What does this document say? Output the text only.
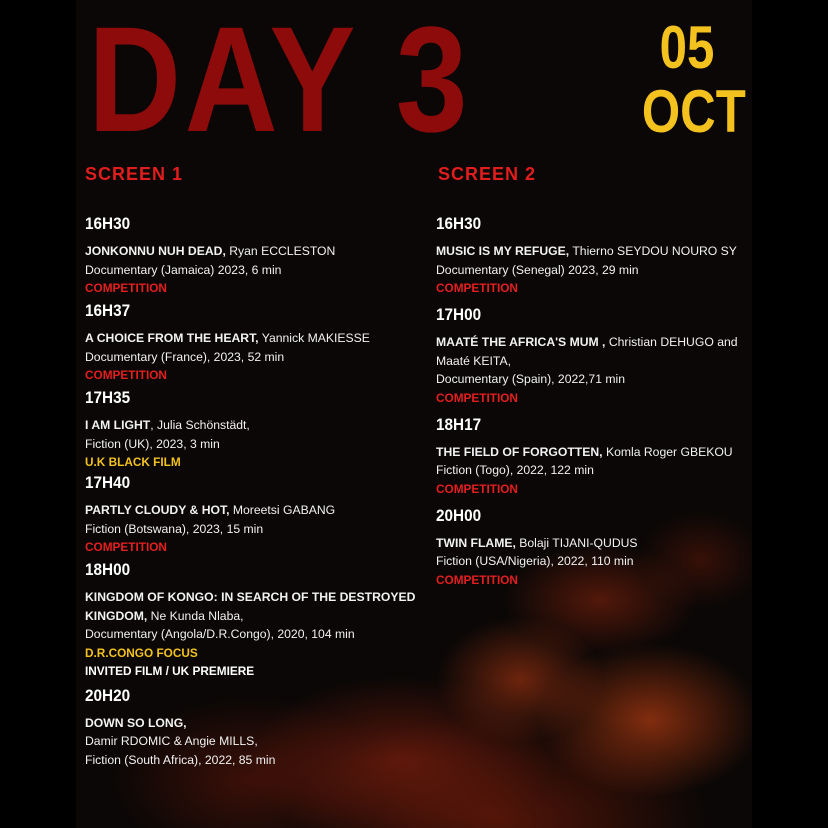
DAY 3	05
OCT
SCREEN 1	SCREEN 2
16H30
JONKONNU NUH DEAD, Ryan ECCLESTON
Documentary (Jamaica) 2023, 6 min
COMPETITION
16H37
A CHOICE FROM THE HEART, Yannick MAKIESSE
Documentary (France), 2023, 52 min
COMPETITION
17H35
I AM LIGHT, Julia Schönstädt,
Fiction (UK), 2023, 3 min
U.K BLACK FILM
17H40
PARTLY CLOUDY & HOT, Moreetsi GABANG
Fiction (Botswana), 2023, 15 min
COMPETITION
18H00
KINGDOM OF KONGO: IN SEARCH OF THE DESTROYED KINGDOM, Ne Kunda Nlaba,
Documentary (Angola/D.R.Congo), 2020, 104 min
D.R.CONGO FOCUS
INVITED FILM / UK PREMIERE
20H20
DOWN SO LONG,
Damir RDOMIC & Angie MILLS,
Fiction (South Africa), 2022, 85 min
16H30
MUSIC IS MY REFUGE, Thierno SEYDOU NOURO SY
Documentary (Senegal) 2023, 29 min
COMPETITION
17H00
MAATÉ THE AFRICA'S MUM , Christian DEHUGO and Maaté KEITA,
Documentary (Spain), 2022,71 min
COMPETITION
18H17
THE FIELD OF FORGOTTEN, Komla Roger GBEKOU
Fiction (Togo), 2022, 122 min
COMPETITION
20H00
TWIN FLAME, Bolaji TIJANI-QUDUS
Fiction (USA/Nigeria), 2022, 110 min
COMPETITION
